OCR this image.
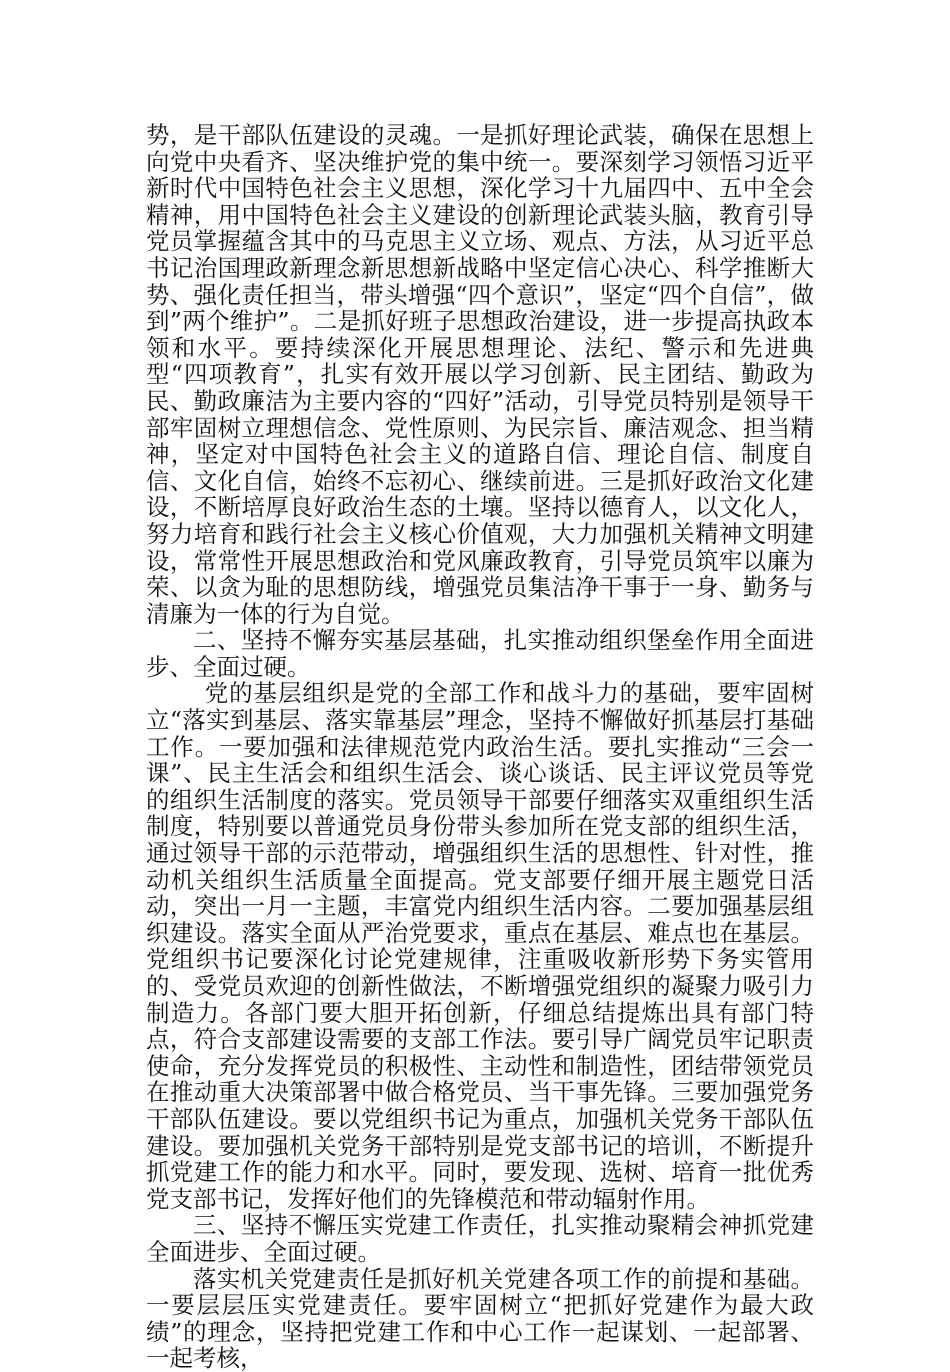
势，是干部队伍建设的灵魂。一是抓好理论武装，确保在思想上向党中央看齐、坚决维护党的集中统一。要深刻学习领悟习近平新时代中国特色社会主义思想，深化学习十九届四中、五中全会精神，用中国特色社会主义建设的创新理论武装头脑，教育引导党员掌握蕴含其中的马克思主义立场、观点、方法，从习近平总书记治国理政新理念新思想新战略中坚定信心决心、科学推断大势、强化责任担当，带头增强“四个意识”，坚定“四个自信”，做到”两个维护”。二是抓好班子思想政治建设，进一步提高执政本领和水平。要持续深化开展思想理论、法纪、警示和先进典型“四项教育”，扎实有效开展以学习创新、民主团结、勤政为民、勤政廉洁为主要内容的“四好”活动，引导党员特别是领导干部牢固树立理想信念、党性原则、为民宗旨、廉洁观念、担当精神，坚定对中国特色社会主义的道路自信、理论自信、制度自信、文化自信，始终不忘初心、继续前进。三是抓好政治文化建设，不断培厚良好政治生态的土壤。坚持以德育人，以文化人，努力培育和践行社会主义核心价值观，大力加强机关精神文明建设，常常性开展思想政治和党风廉政教育，引导党员筑牢以廉为荣、以贪为耻的思想防线，增强党员集洁净干事于一身、勤务与清廉为一体的行为自觉。

二、坚持不懈夯实基层基础，扎实推动组织堡垒作用全面进步、全面过硬。

党的基层组织是党的全部工作和战斗力的基础，要牢固树立“落实到基层、落实靠基层”理念，坚持不懈做好抓基层打基础工作。一要加强和法律规范党内政治生活。要扎实推动“三会一课”、民主生活会和组织生活会、谈心谈话、民主评议党员等党的组织生活制度的落实。党员领导干部要仔细落实双重组织生活制度，特别要以普通党员身份带头参加所在党支部的组织生活，通过领导干部的示范带动，增强组织生活的思想性、针对性，推动机关组织生活质量全面提高。党支部要仔细开展主题党日活动，突出一月一主题，丰富党内组织生活内容。二要加强基层组织建设。落实全面从严治党要求，重点在基层、难点也在基层。党组织书记要深化讨论党建规律，注重吸收新形势下务实管用的、受党员欢迎的创新性做法，不断增强党组织的凝聚力吸引力制造力。各部门要大胆开拓创新，仔细总结提炼出具有部门特点，符合支部建设需要的支部工作法。要引导广阔党员牢记职责使命，充分发挥党员的积极性、主动性和制造性，团结带领党员在推动重大决策部署中做合格党员、当干事先锋。三要加强党务干部队伍建设。要以党组织书记为重点，加强机关党务干部队伍建设。要加强机关党务干部特别是党支部书记的培训，不断提升抓党建工作的能力和水平。同时，要发现、选树、培育一批优秀党支部书记，发挥好他们的先锋模范和带动辐射作用。

三、坚持不懈压实党建工作责任，扎实推动聚精会神抓党建全面进步、全面过硬。

落实机关党建责任是抓好机关党建各项工作的前提和基础。一要层层压实党建责任。要牢固树立“把抓好党建作为最大政绩”的理念，坚持把党建工作和中心工作一起谋划、一起部署、一起考核，
